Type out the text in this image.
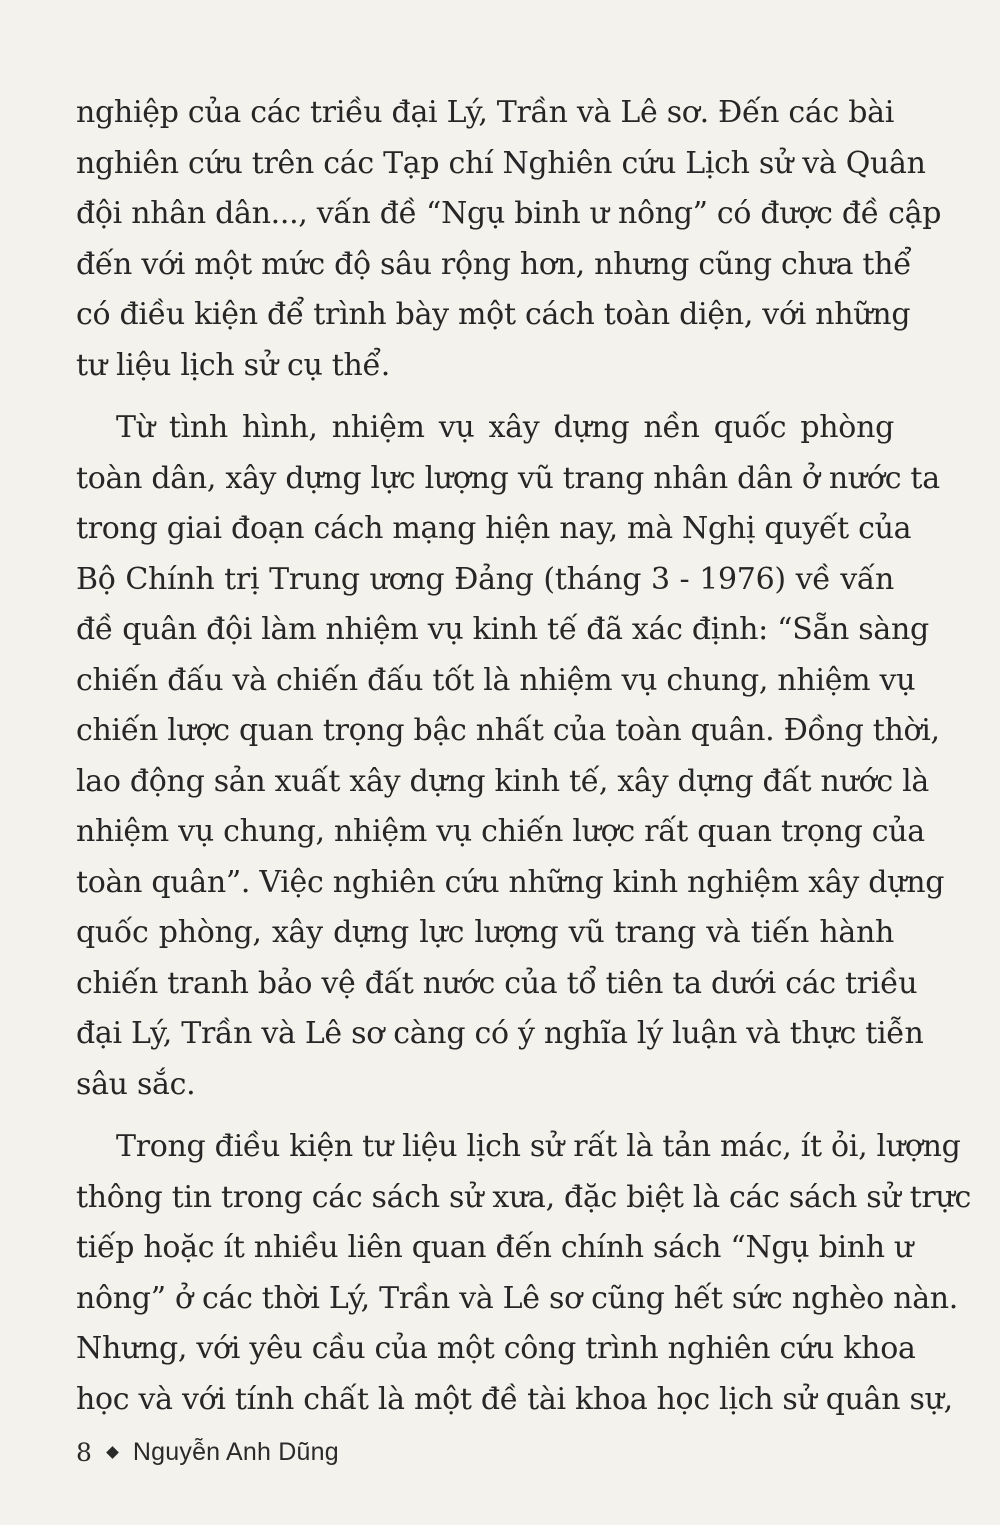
nghiệp của các triều đại Lý, Trần và Lê sơ. Đến các bài
nghiên cứu trên các Tạp chí Nghiên cứu Lịch sử và Quân
đội nhân dân..., vấn đề “Ngụ binh ư nông” có được đề cập
đến với một mức độ sâu rộng hơn, nhưng cũng chưa thể
có điều kiện để trình bày một cách toàn diện, với những
tư liệu lịch sử cụ thể.
Từ tình hình, nhiệm vụ xây dựng nền quốc phòng
toàn dân, xây dựng lực lượng vũ trang nhân dân ở nước ta
trong giai đoạn cách mạng hiện nay, mà Nghị quyết của
Bộ Chính trị Trung ương Đảng (tháng 3 - 1976) về vấn
đề quân đội làm nhiệm vụ kinh tế đã xác định: “Sẵn sàng
chiến đấu và chiến đấu tốt là nhiệm vụ chung, nhiệm vụ
chiến lược quan trọng bậc nhất của toàn quân. Đồng thời,
lao động sản xuất xây dựng kinh tế, xây dựng đất nước là
nhiệm vụ chung, nhiệm vụ chiến lược rất quan trọng của
toàn quân”. Việc nghiên cứu những kinh nghiệm xây dựng
quốc phòng, xây dựng lực lượng vũ trang và tiến hành
chiến tranh bảo vệ đất nước của tổ tiên ta dưới các triều
đại Lý, Trần và Lê sơ càng có ý nghĩa lý luận và thực tiễn
sâu sắc.
Trong điều kiện tư liệu lịch sử rất là tản mác, ít ỏi, lượng
thông tin trong các sách sử xưa, đặc biệt là các sách sử trực
tiếp hoặc ít nhiều liên quan đến chính sách “Ngụ binh ư
nông” ở các thời Lý, Trần và Lê sơ cũng hết sức nghèo nàn.
Nhưng, với yêu cầu của một công trình nghiên cứu khoa
học và với tính chất là một đề tài khoa học lịch sử quân sự,
8 Nguyễn Anh Dũng
